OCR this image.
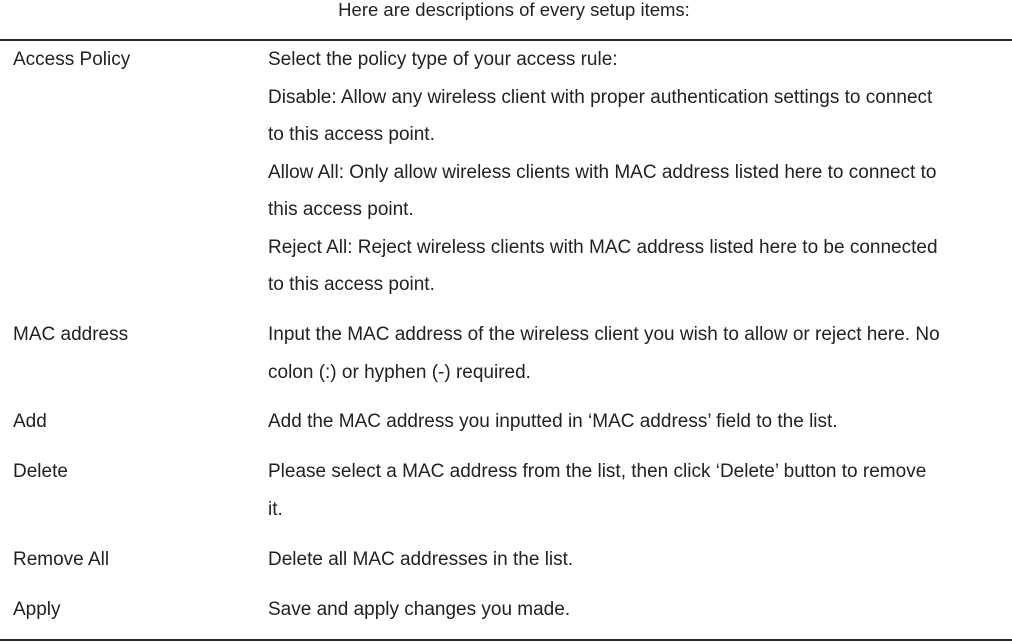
Here are descriptions of every setup items:
Access Policy	Select the policy type of your access rule:
Disable: Allow any wireless client with proper authentication settings to connect
to this access point.
Allow All: Only allow wireless clients with MAC address listed here to connect to
this access point.
Reject All: Reject wireless clients with MAC address listed here to be connected
to this access point.
MAC address	Input the MAC address of the wireless client you wish to allow or reject here. No
colon (:) or hyphen (-) required.
Add	Add the MAC address you inputted in ‘MAC address’ field to the list.
Delete	Please select a MAC address from the list, then click ‘Delete’ button to remove
it.
Remove All	Delete all MAC addresses in the list.
Apply	Save and apply changes you made.
